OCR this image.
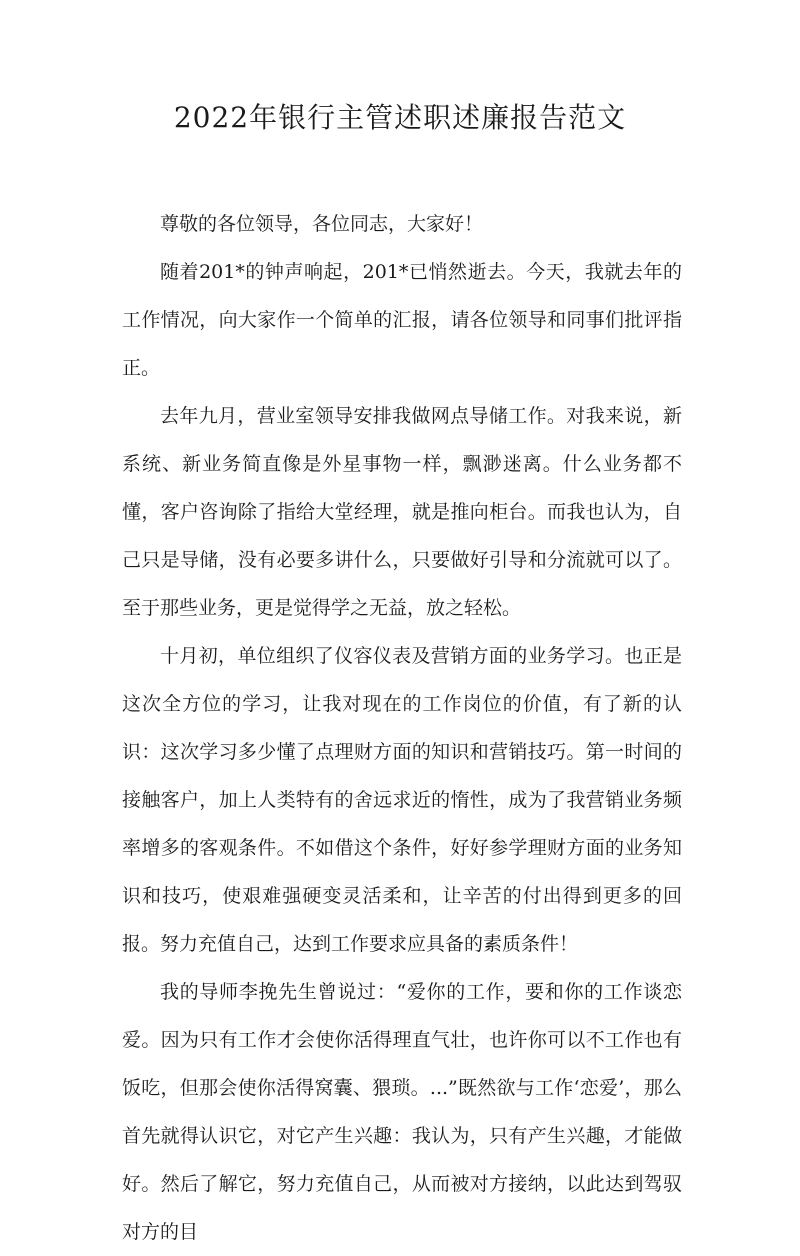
2022年银行主管述职述廉报告范文

尊敬的各位领导，各位同志，大家好！

随着201*的钟声响起，201*已悄然逝去。今天，我就去年的工作情况，向大家作一个简单的汇报，请各位领导和同事们批评指正。

去年九月，营业室领导安排我做网点导储工作。对我来说，新系统、新业务简直像是外星事物一样，飘渺迷离。什么业务都不懂，客户咨询除了指给大堂经理，就是推向柜台。而我也认为，自己只是导储，没有必要多讲什么，只要做好引导和分流就可以了。至于那些业务，更是觉得学之无益，放之轻松。

十月初，单位组织了仪容仪表及营销方面的业务学习。也正是这次全方位的学习，让我对现在的工作岗位的价值，有了新的认识：这次学习多少懂了点理财方面的知识和营销技巧。第一时间的接触客户，加上人类特有的舍远求近的惰性，成为了我营销业务频率增多的客观条件。不如借这个条件，好好参学理财方面的业务知识和技巧，使艰难强硬变灵活柔和，让辛苦的付出得到更多的回报。努力充值自己，达到工作要求应具备的素质条件！

我的导师李挽先生曾说过：“爱你的工作，要和你的工作谈恋爱。因为只有工作才会使你活得理直气壮，也许你可以不工作也有饭吃，但那会使你活得窝囊、猥琐。...”既然欲与工作‘恋爱’，那么首先就得认识它，对它产生兴趣：我认为，只有产生兴趣，才能做好。然后了解它，努力充值自己，从而被对方接纳，以此达到驾驭对方的目
